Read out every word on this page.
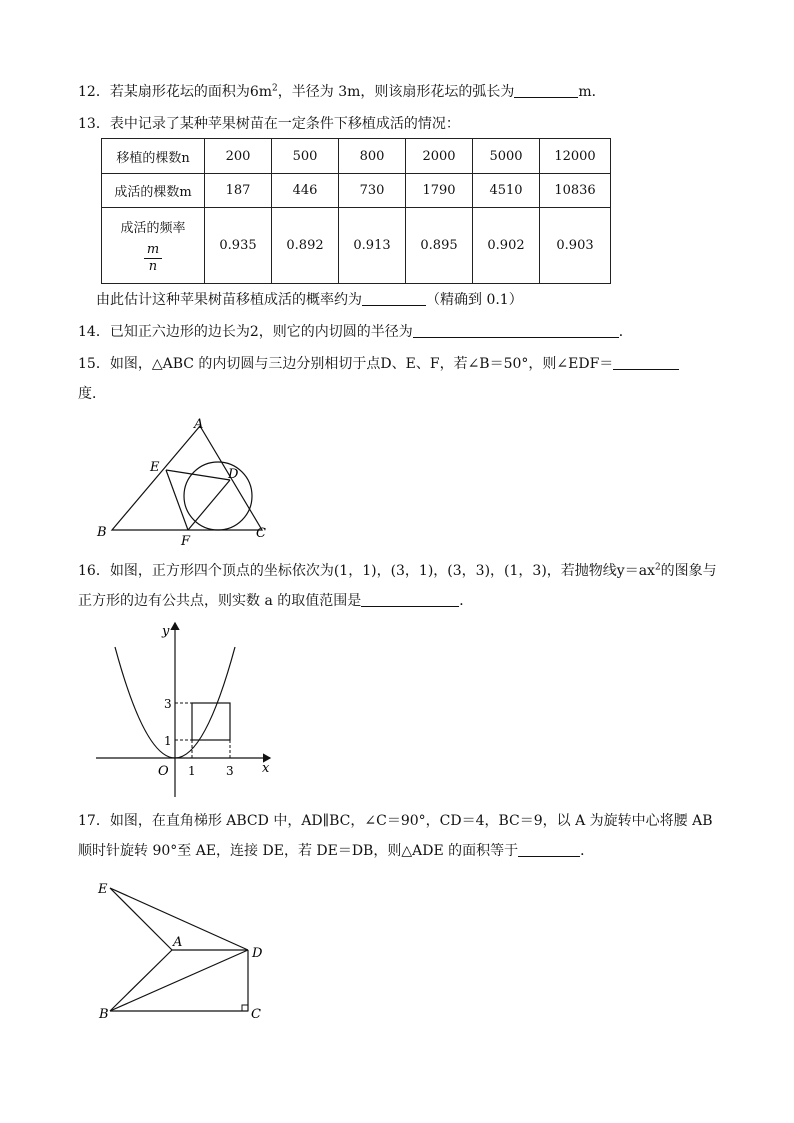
12．若某扇形花坛的面积为$6m^2$，半径为 3m，则该扇形花坛的弧长为	m．
13．表中记录了某种苹果树苗在一定条件下移植成活的情况：
移植的棵数n	200	500	800	2000	5000	12000
成活的棵数m	187	446	730	1790	4510	10836

成活的频率
$\frac{m}{n}$	0.935	0.892	0.913	0.895	0.902	0.903
由此估计这种苹果树苗移植成活的概率约为	（精确到 0.1）
14．已知正六边形的边长为2，则它的内切圆的半径为	．
15．如图，△ABC 的内切圆与三边分别相切于点D、E、F，若∠B＝50°，则∠EDF＝
度．
A
B	C
D
E
F
16．如图，正方形四个顶点的坐标依次为(1，1)，(3，1)，(3，3)，(1，3)，若抛物线$y=ax^2$的图象与
正方形的边有公共点，则实数 a 的取值范围是	．
y
x
O
3
1
1	3
17．如图，在直角梯形 ABCD 中，AD∥BC，∠C＝90°，CD＝4，BC＝9，以 A 为旋转中心将腰 AB
顺时针旋转 90°至 AE，连接 DE，若 DE＝DB，则△ADE 的面积等于	．
E
A
D
B	C
